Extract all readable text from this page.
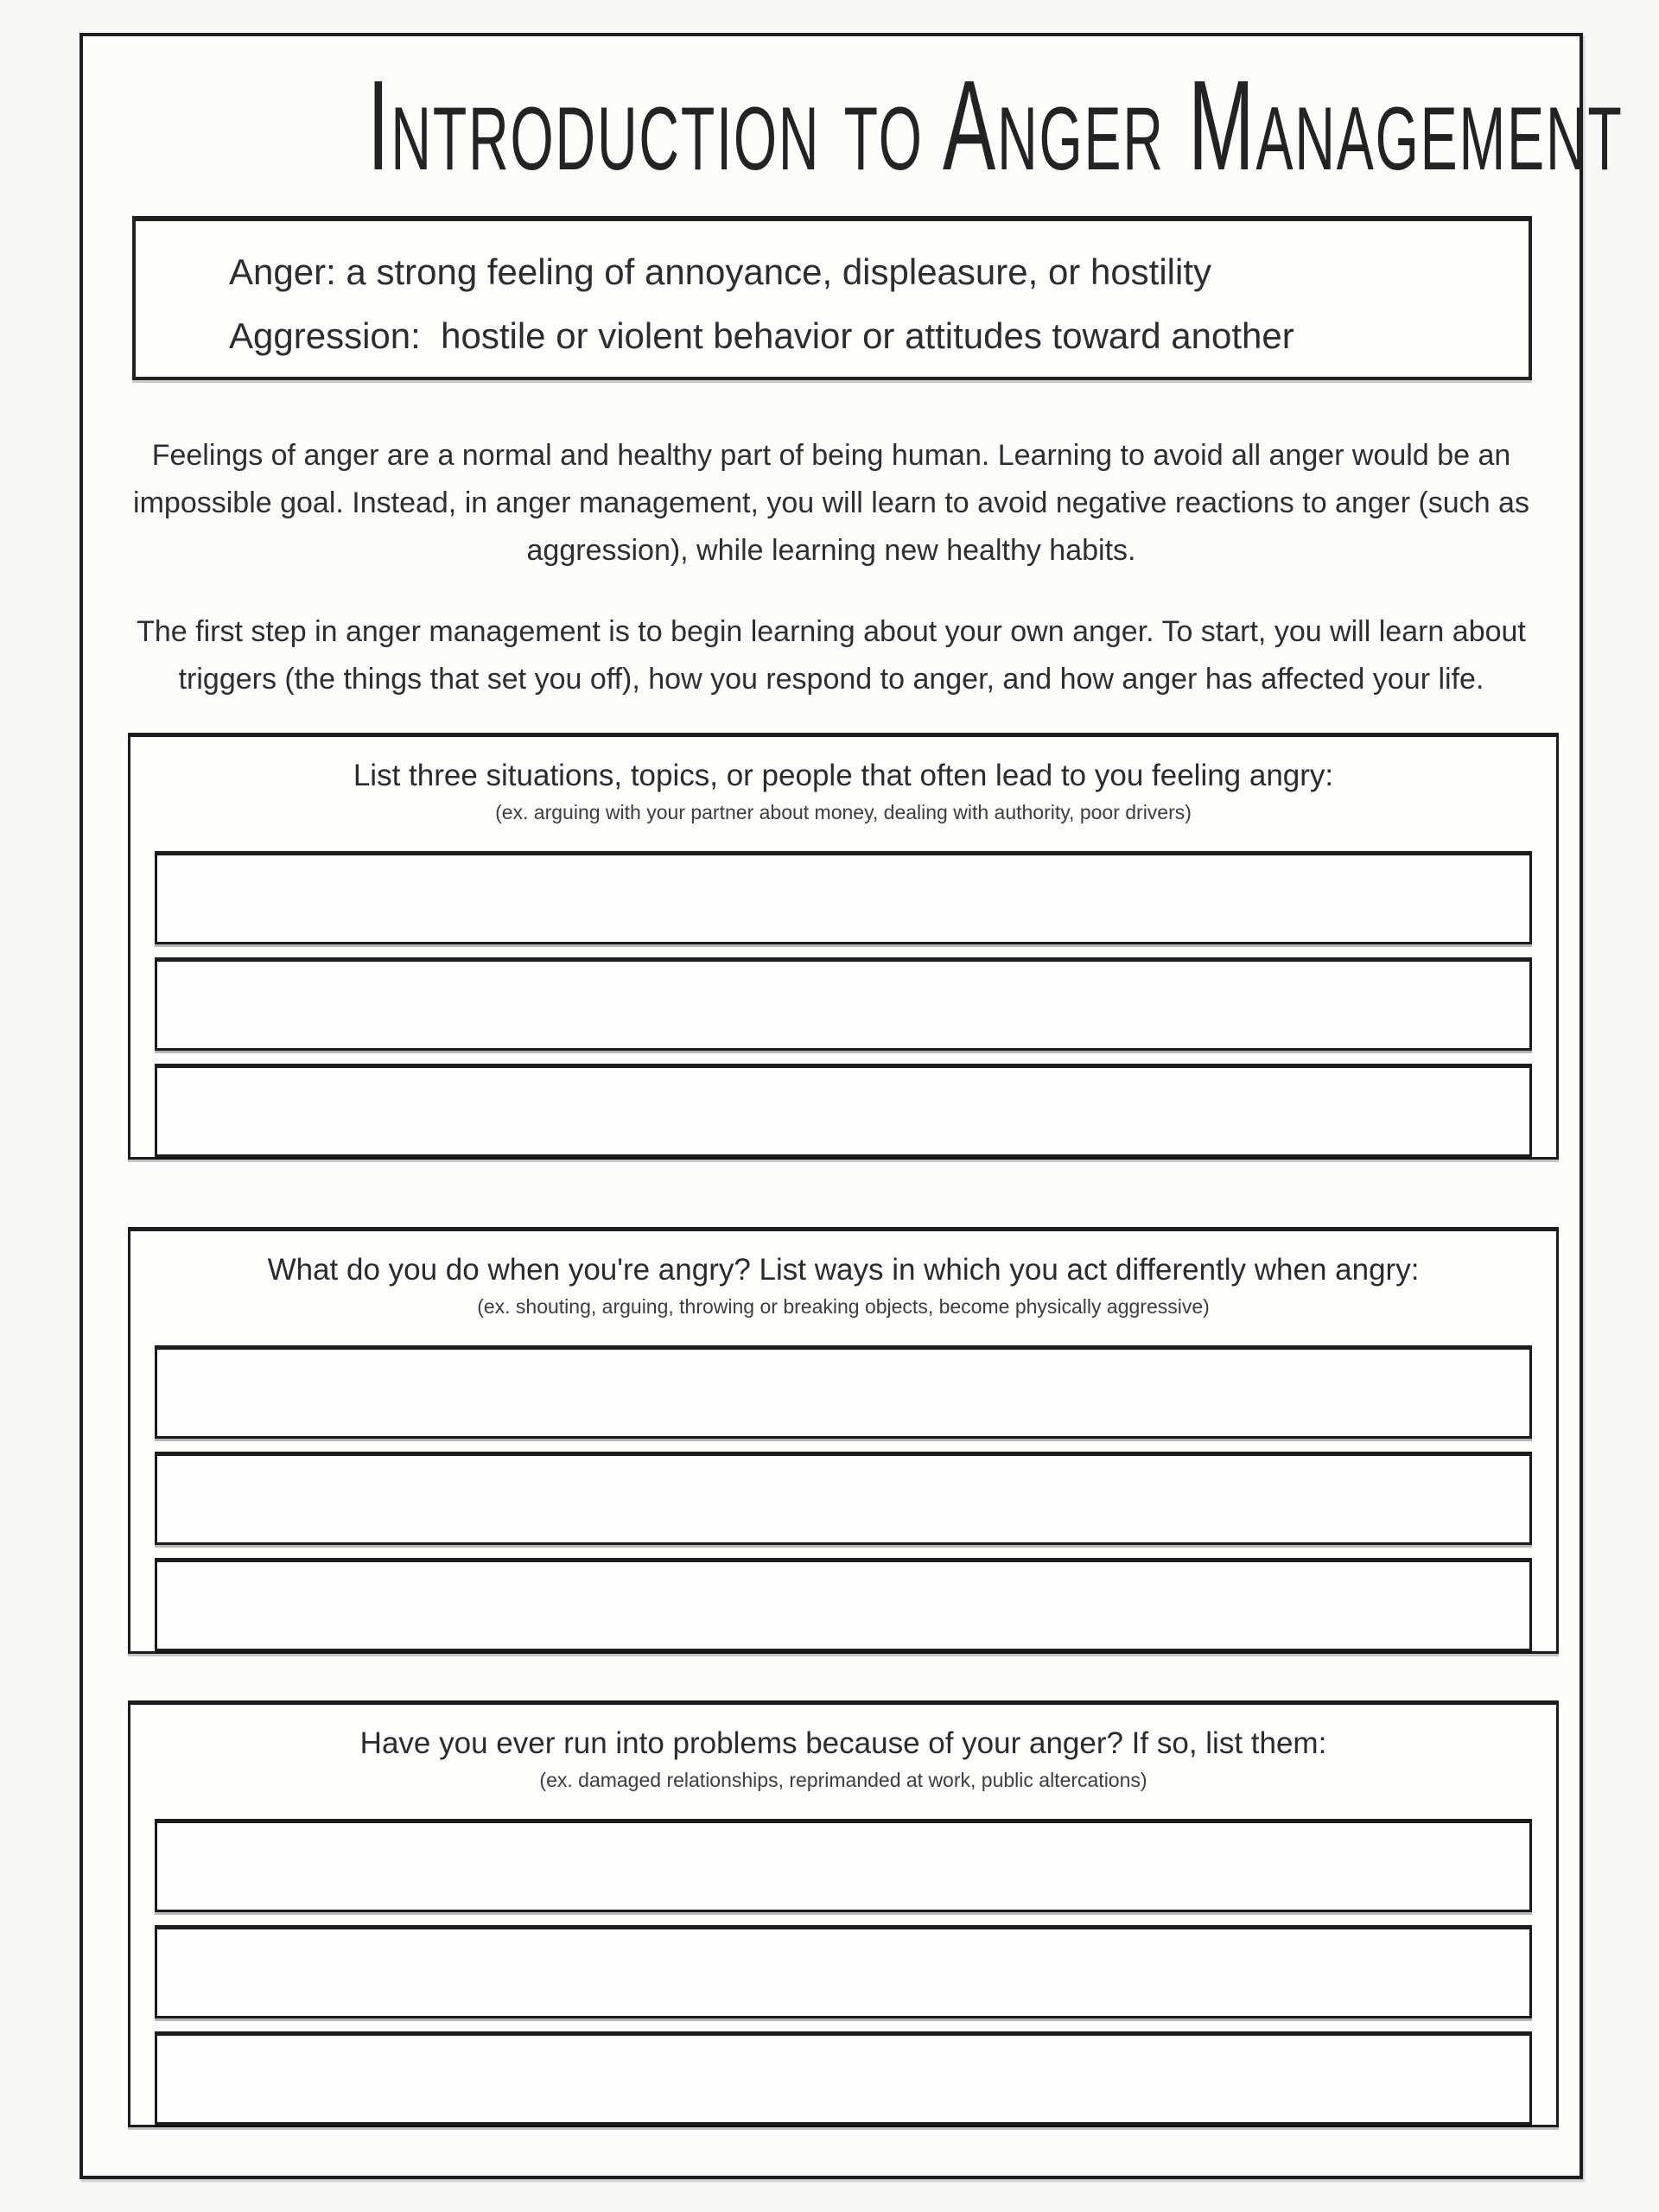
Introduction to Anger Management
Anger: a strong feeling of annoyance, displeasure, or hostility
Aggression:  hostile or violent behavior or attitudes toward another
Feelings of anger are a normal and healthy part of being human. Learning to avoid all anger would be an impossible goal. Instead, in anger management, you will learn to avoid negative reactions to anger (such as aggression), while learning new healthy habits.
The first step in anger management is to begin learning about your own anger. To start, you will learn about triggers (the things that set you off), how you respond to anger, and how anger has affected your life.
List three situations, topics, or people that often lead to you feeling angry:
(ex. arguing with your partner about money, dealing with authority, poor drivers)
What do you do when you're angry? List ways in which you act differently when angry:
(ex. shouting, arguing, throwing or breaking objects, become physically aggressive)
Have you ever run into problems because of your anger? If so, list them:
(ex. damaged relationships, reprimanded at work, public altercations)
